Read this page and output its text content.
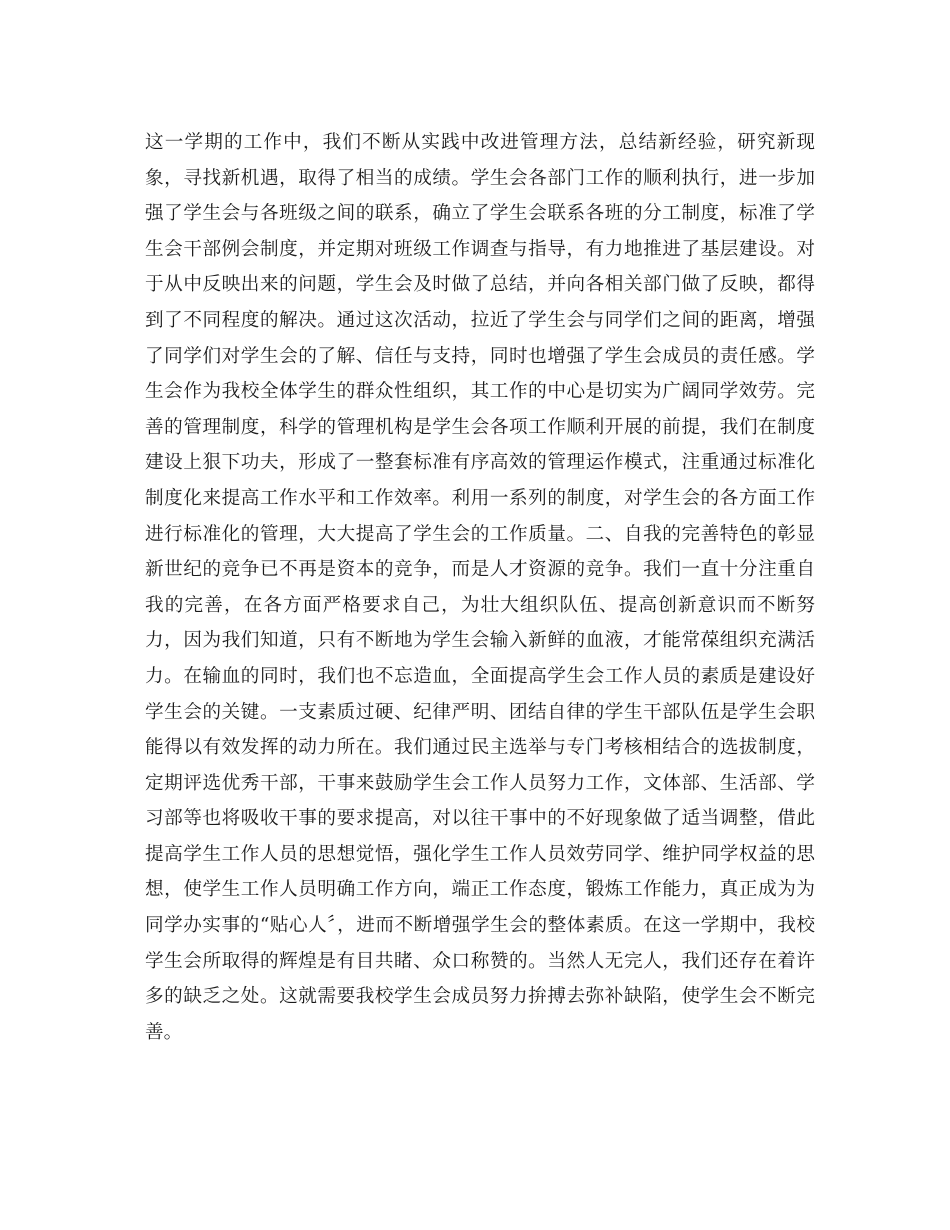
这一学期的工作中，我们不断从实践中改进管理方法，总结新经验，研究新现
象，寻找新机遇，取得了相当的成绩。学生会各部门工作的顺利执行，进一步加
强了学生会与各班级之间的联系，确立了学生会联系各班的分工制度，标准了学
生会干部例会制度，并定期对班级工作调查与指导，有力地推进了基层建设。对
于从中反映出来的问题，学生会及时做了总结，并向各相关部门做了反映，都得
到了不同程度的解决。通过这次活动，拉近了学生会与同学们之间的距离，增强
了同学们对学生会的了解、信任与支持，同时也增强了学生会成员的责任感。学
生会作为我校全体学生的群众性组织，其工作的中心是切实为广阔同学效劳。完
善的管理制度，科学的管理机构是学生会各项工作顺利开展的前提，我们在制度
建设上狠下功夫，形成了一整套标准有序高效的管理运作模式，注重通过标准化
制度化来提高工作水平和工作效率。利用一系列的制度，对学生会的各方面工作
进行标准化的管理，大大提高了学生会的工作质量。二、自我的完善特色的彰显
新世纪的竞争已不再是资本的竞争，而是人才资源的竞争。我们一直十分注重自
我的完善，在各方面严格要求自己，为壮大组织队伍、提高创新意识而不断努
力，因为我们知道，只有不断地为学生会输入新鲜的血液，才能常葆组织充满活
力。在输血的同时，我们也不忘造血，全面提高学生会工作人员的素质是建设好
学生会的关键。一支素质过硬、纪律严明、团结自律的学生干部队伍是学生会职
能得以有效发挥的动力所在。我们通过民主选举与专门考核相结合的选拔制度，
定期评选优秀干部，干事来鼓励学生会工作人员努力工作，文体部、生活部、学
习部等也将吸收干事的要求提高，对以往干事中的不好现象做了适当调整，借此
提高学生工作人员的思想觉悟，强化学生工作人员效劳同学、维护同学权益的思
想，使学生工作人员明确工作方向，端正工作态度，锻炼工作能力，真正成为为
同学办实事的“贴心人〞，进而不断增强学生会的整体素质。在这一学期中，我校
学生会所取得的辉煌是有目共睹、众口称赞的。当然人无完人，我们还存在着许
多的缺乏之处。这就需要我校学生会成员努力拚搏去弥补缺陷，使学生会不断完
善。
